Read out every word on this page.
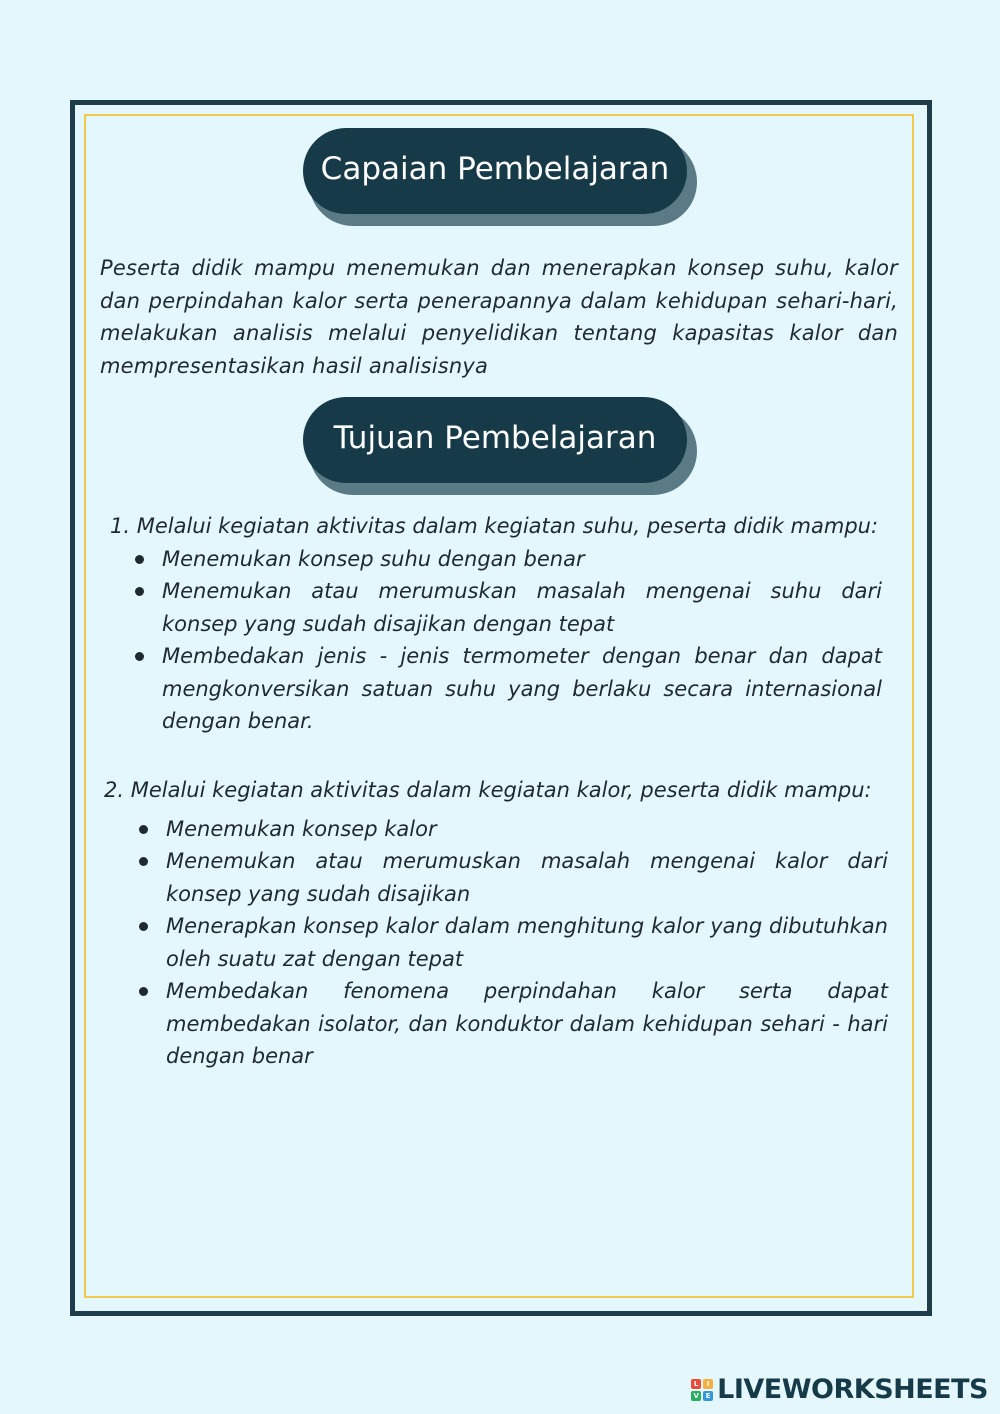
Capaian Pembelajaran
Peserta didik mampu menemukan dan menerapkan konsep suhu, kalor dan perpindahan kalor serta penerapannya dalam kehidupan sehari-hari, melakukan analisis melalui penyelidikan tentang kapasitas kalor dan mempresentasikan hasil analisisnya
Tujuan Pembelajaran

1. Melalui kegiatan aktivitas dalam kegiatan suhu, peserta didik mampu:

Menemukan konsep suhu dengan benar
Menemukan atau merumuskan masalah mengenai suhu dari konsep yang sudah disajikan dengan tepat
Membedakan jenis - jenis termometer dengan benar dan dapat mengkonversikan satuan suhu yang berlaku secara internasional dengan benar.

2. Melalui kegiatan aktivitas dalam kegiatan kalor, peserta didik mampu:

Menemukan konsep kalor
Menemukan atau merumuskan masalah mengenai kalor dari konsep yang sudah disajikan
Menerapkan konsep kalor dalam menghitung kalor yang dibutuhkan oleh suatu zat dengan tepat
Membedakan fenomena perpindahan kalor serta dapat membedakan isolator, dan konduktor dalam kehidupan sehari - hari dengan benar
L	I
V E LIVEWORKSHEETS
